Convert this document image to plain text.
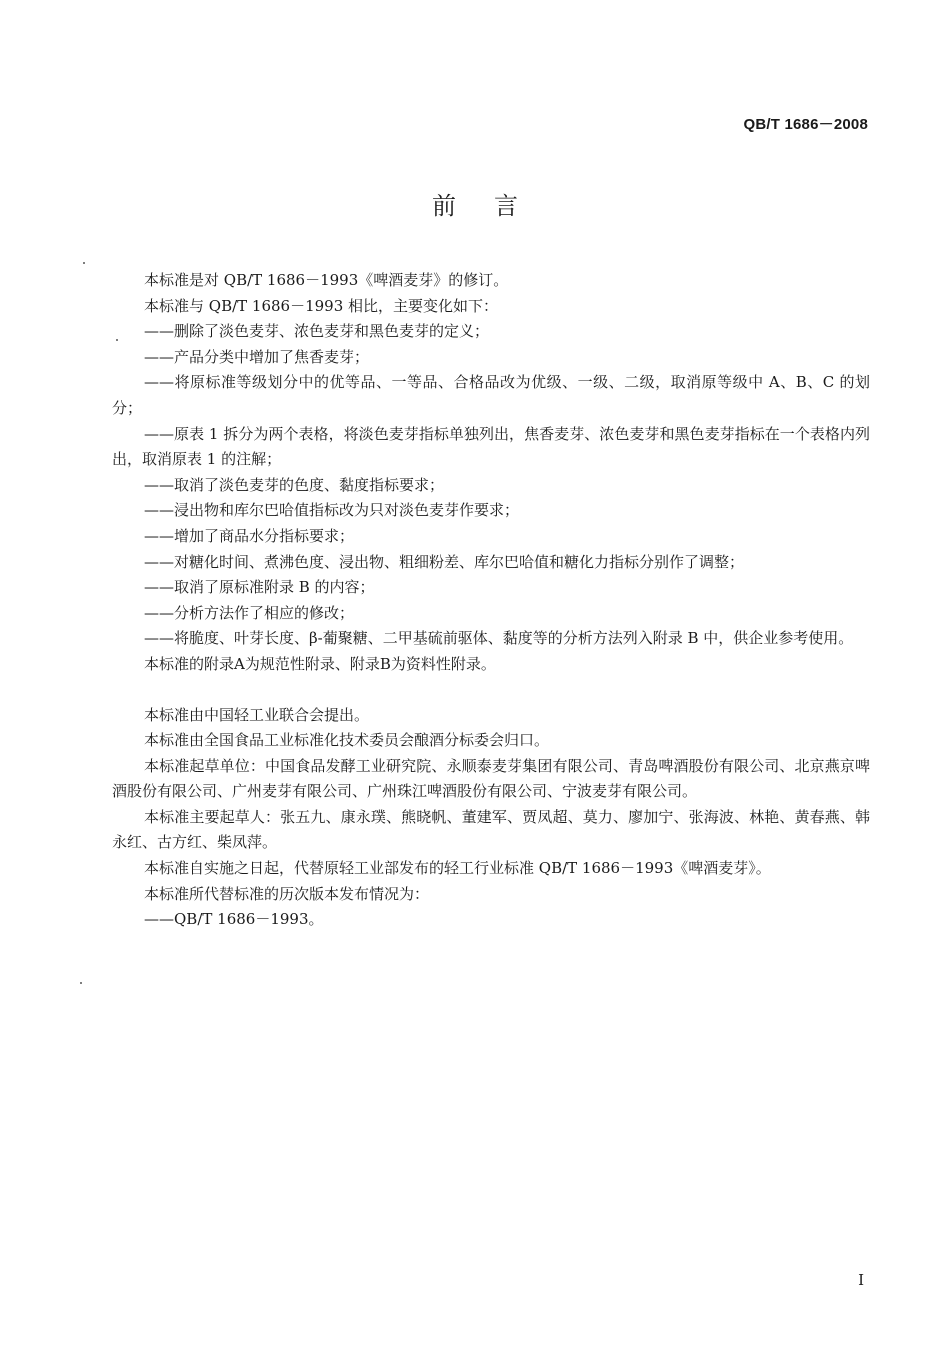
QB/T 1686－2008
前言

本标准是对 QB/T 1686－1993《啤酒麦芽》的修订。

本标准与 QB/T 1686－1993 相比，主要变化如下：

——删除了淡色麦芽、浓色麦芽和黑色麦芽的定义；

——产品分类中增加了焦香麦芽；

——将原标准等级划分中的优等品、一等品、合格品改为优级、一级、二级，取消原等级中 A、B、C 的划分；

——原表 1 拆分为两个表格，将淡色麦芽指标单独列出，焦香麦芽、浓色麦芽和黑色麦芽指标在一个表格内列出，取消原表 1 的注解；

——取消了淡色麦芽的色度、黏度指标要求；

——浸出物和库尔巴哈值指标改为只对淡色麦芽作要求；

——增加了商品水分指标要求；

——对糖化时间、煮沸色度、浸出物、粗细粉差、库尔巴哈值和糖化力指标分别作了调整；

——取消了原标准附录 B 的内容；

——分析方法作了相应的修改；

——将脆度、叶芽长度、β-葡聚糖、二甲基硫前驱体、黏度等的分析方法列入附录 B 中，供企业参考使用。

本标准的附录A为规范性附录、附录B为资料性附录。

本标准由中国轻工业联合会提出。

本标准由全国食品工业标准化技术委员会酿酒分标委会归口。

本标准起草单位：中国食品发酵工业研究院、永顺泰麦芽集团有限公司、青岛啤酒股份有限公司、北京燕京啤酒股份有限公司、广州麦芽有限公司、广州珠江啤酒股份有限公司、宁波麦芽有限公司。

本标准主要起草人：张五九、康永璞、熊晓帆、董建军、贾凤超、莫力、廖加宁、张海波、林艳、黄春燕、韩永红、古方红、柴凤萍。

本标准自实施之日起，代替原轻工业部发布的轻工行业标准 QB/T 1686－1993《啤酒麦芽》。

本标准所代替标准的历次版本发布情况为：

——QB/T 1686－1993。

I
